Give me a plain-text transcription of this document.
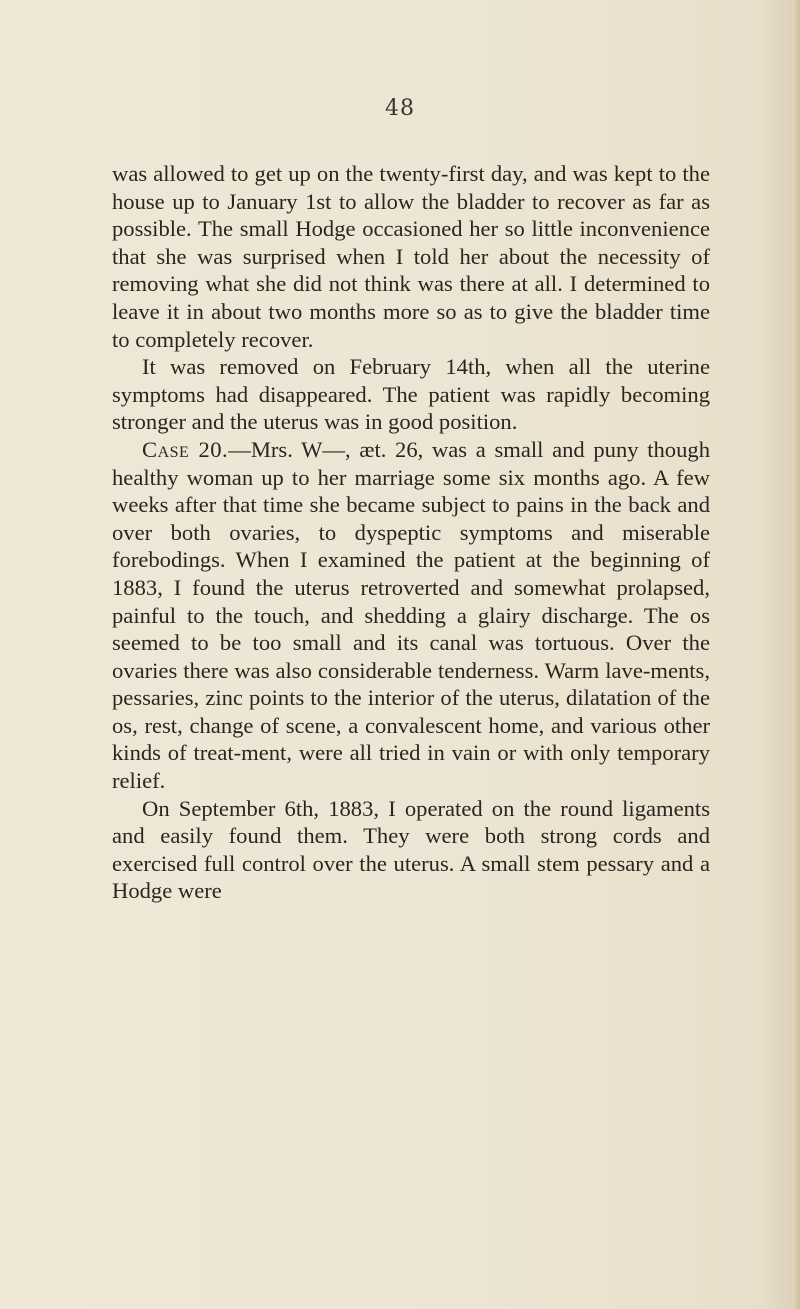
48

was allowed to get up on the twenty-first day, and was kept to the house up to January 1st to allow the bladder to recover as far as possible. The small Hodge occasioned her so little inconvenience that she was surprised when I told her about the necessity of removing what she did not think was there at all. I determined to leave it in about two months more so as to give the bladder time to completely recover.

It was removed on February 14th, when all the uterine symptoms had disappeared. The patient was rapidly becoming stronger and the uterus was in good position.

Case 20.—Mrs. W—, æt. 26, was a small and puny though healthy woman up to her marriage some six months ago. A few weeks after that time she became subject to pains in the back and over both ovaries, to dyspeptic symptoms and miserable forebodings. When I examined the patient at the beginning of 1883, I found the uterus retroverted and somewhat prolapsed, painful to the touch, and shedding a glairy discharge. The os seemed to be too small and its canal was tortuous. Over the ovaries there was also considerable tenderness. Warm lave-ments, pessaries, zinc points to the interior of the uterus, dilatation of the os, rest, change of scene, a convalescent home, and various other kinds of treat-ment, were all tried in vain or with only temporary relief.

On September 6th, 1883, I operated on the round ligaments and easily found them. They were both strong cords and exercised full control over the uterus. A small stem pessary and a Hodge were
